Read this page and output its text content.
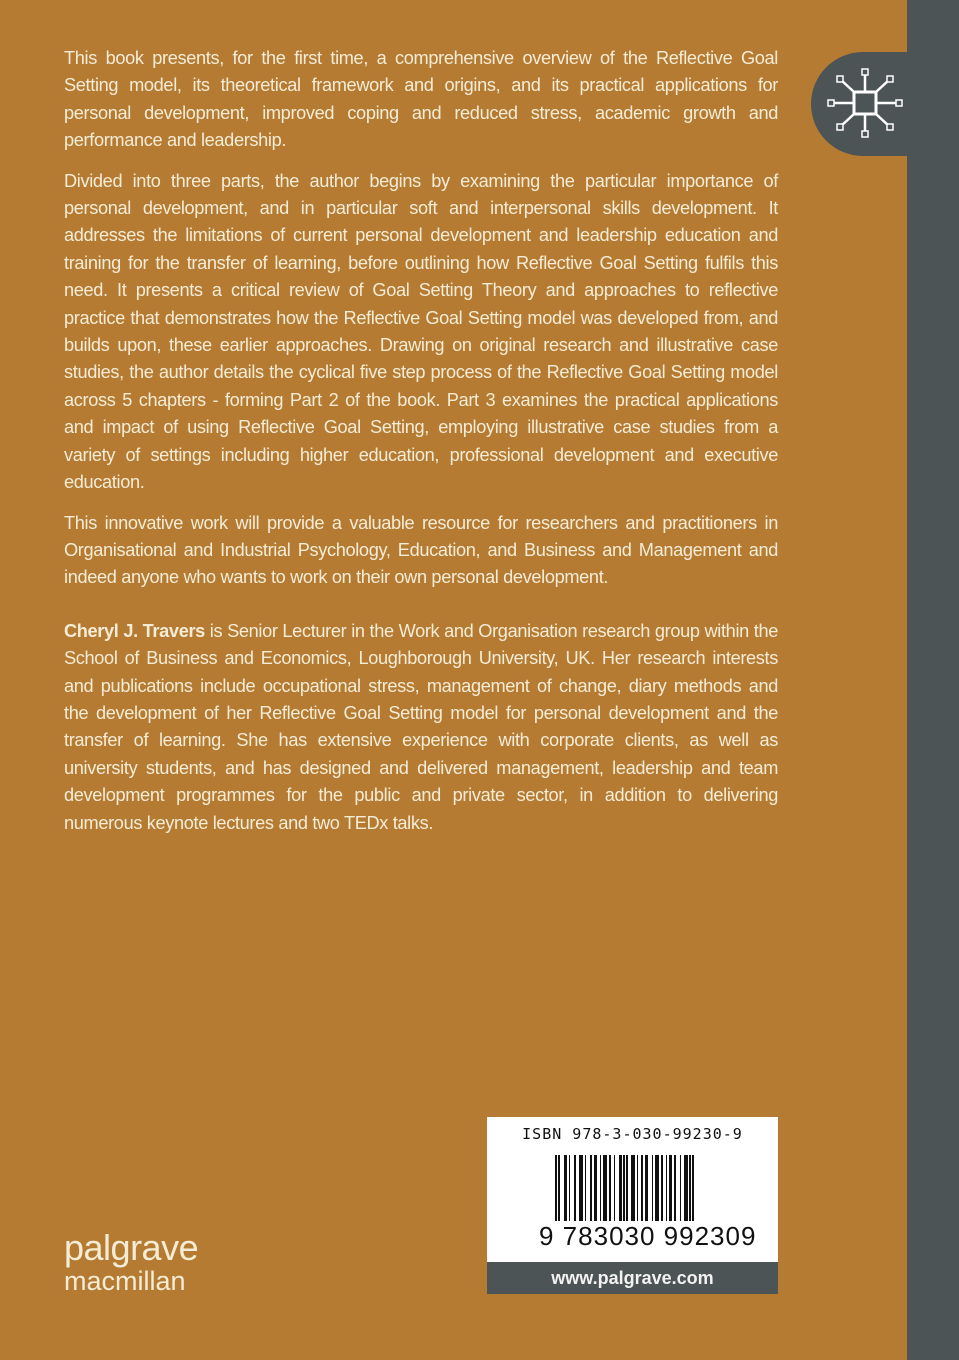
This book presents, for the first time, a comprehensive overview of the Reflective Goal Setting model, its theoretical framework and origins, and its practical applications for personal development, improved coping and reduced stress, academic growth and performance and leadership.

Divided into three parts, the author begins by examining the particular importance of personal development, and in particular soft and interpersonal skills development. It addresses the limitations of current personal development and leadership education and training for the transfer of learning, before outlining how Reflective Goal Setting fulfils this need. It presents a critical review of Goal Setting Theory and approaches to reflective practice that demonstrates how the Reflective Goal Setting model was developed from, and builds upon, these earlier approaches. Drawing on original research and illustrative case studies, the author details the cyclical five step process of the Reflective Goal Setting model across 5 chapters - forming Part 2 of the book. Part 3 examines the practical applications and impact of using Reflective Goal Setting, employing illustrative case studies from a variety of settings including higher education, professional development and executive education.

This innovative work will provide a valuable resource for researchers and practitioners in Organisational and Industrial Psychology, Education, and Business and Management and indeed anyone who wants to work on their own personal development.

Cheryl J. Travers is Senior Lecturer in the Work and Organisation research group within the School of Business and Economics, Loughborough University, UK. Her research interests and publications include occupational stress, management of change, diary methods and the development of her Reflective Goal Setting model for personal development and the transfer of learning. She has extensive experience with corporate clients, as well as university students, and has designed and delivered management, leadership and team development programmes for the public and private sector, in addition to delivering numerous keynote lectures and two TEDx talks.

ISBN 978-3-030-99230-9
9 783030 992309
www.palgrave.com
palgrave
macmillan
